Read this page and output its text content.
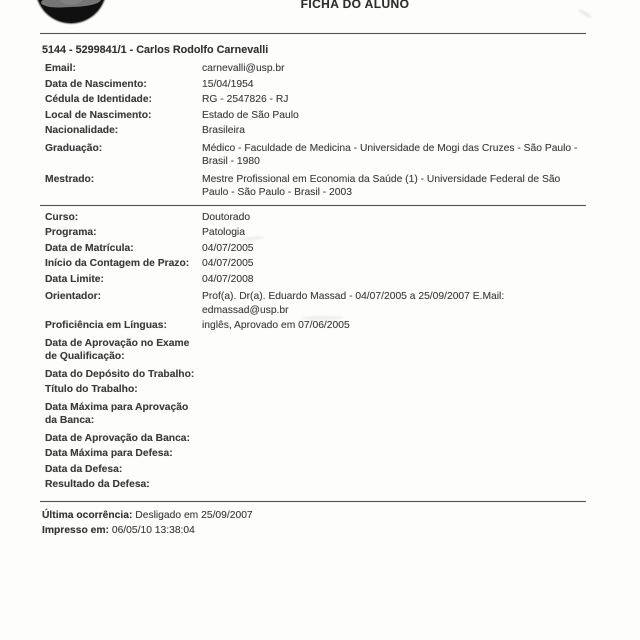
FICHA DO ALUNO
5144 - 5299841/1 - Carlos Rodolfo Carnevalli
Email:	carnevalli@usp.br
Data de Nascimento:	15/04/1954
Cédula de Identidade:	RG - 2547826 - RJ
Local de Nascimento:	Estado de São Paulo
Nacionalidade:	Brasileira
Graduação:	Médico - Faculdade de Medicina - Universidade de Mogi das Cruzes - São Paulo - Brasil - 1980
Mestrado:	Mestre Profissional em Economia da Saúde (1) - Universidade Federal de São Paulo - São Paulo - Brasil - 2003
Curso:	Doutorado
Programa:	Patologia
Data de Matrícula:	04/07/2005
Início da Contagem de Prazo:	04/07/2005
Data Limite:	04/07/2008
Orientador:	Prof(a). Dr(a). Eduardo Massad - 04/07/2005 a 25/09/2007 E.Mail: edmassad@usp.br
Proficiência em Línguas:	inglês, Aprovado em 07/06/2005
Data de Aprovação no Exame de Qualificação:
Data do Depósito do Trabalho:
Título do Trabalho:
Data Máxima para Aprovação da Banca:
Data de Aprovação da Banca:
Data Máxima para Defesa:
Data da Defesa:
Resultado da Defesa:
Última ocorrência: Desligado em 25/09/2007
Impresso em: 06/05/10 13:38:04
